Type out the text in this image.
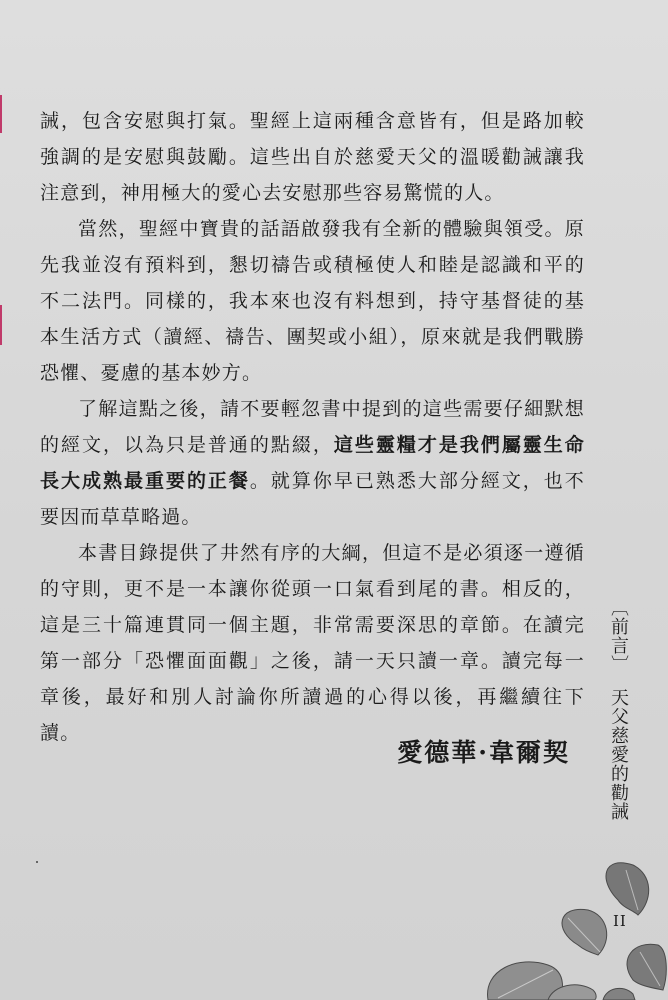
誡，包含安慰與打氣。聖經上這兩種含意皆有，但是路加較強調的是安慰與鼓勵。這些出自於慈愛天父的溫暖勸誡讓我注意到，神用極大的愛心去安慰那些容易驚慌的人。

當然，聖經中寶貴的話語啟發我有全新的體驗與領受。原先我並沒有預料到，懇切禱告或積極使人和睦是認識和平的不二法門。同樣的，我本來也沒有料想到，持守基督徒的基本生活方式（讀經、禱告、團契或小組），原來就是我們戰勝恐懼、憂慮的基本妙方。

了解這點之後，請不要輕忽書中提到的這些需要仔細默想的經文，以為只是普通的點綴，這些靈糧才是我們屬靈生命長大成熟最重要的正餐。就算你早已熟悉大部分經文，也不要因而草草略過。

本書目錄提供了井然有序的大綱，但這不是必須逐一遵循的守則，更不是一本讓你從頭一口氣看到尾的書。相反的，這是三十篇連貫同一個主題，非常需要深思的章節。在讀完第一部分「恐懼面面觀」之後，請一天只讀一章。讀完每一章後，最好和別人討論你所讀過的心得以後，再繼續往下讀。

愛德華·韋爾契
〔前言〕天父慈愛的勸誡
II
